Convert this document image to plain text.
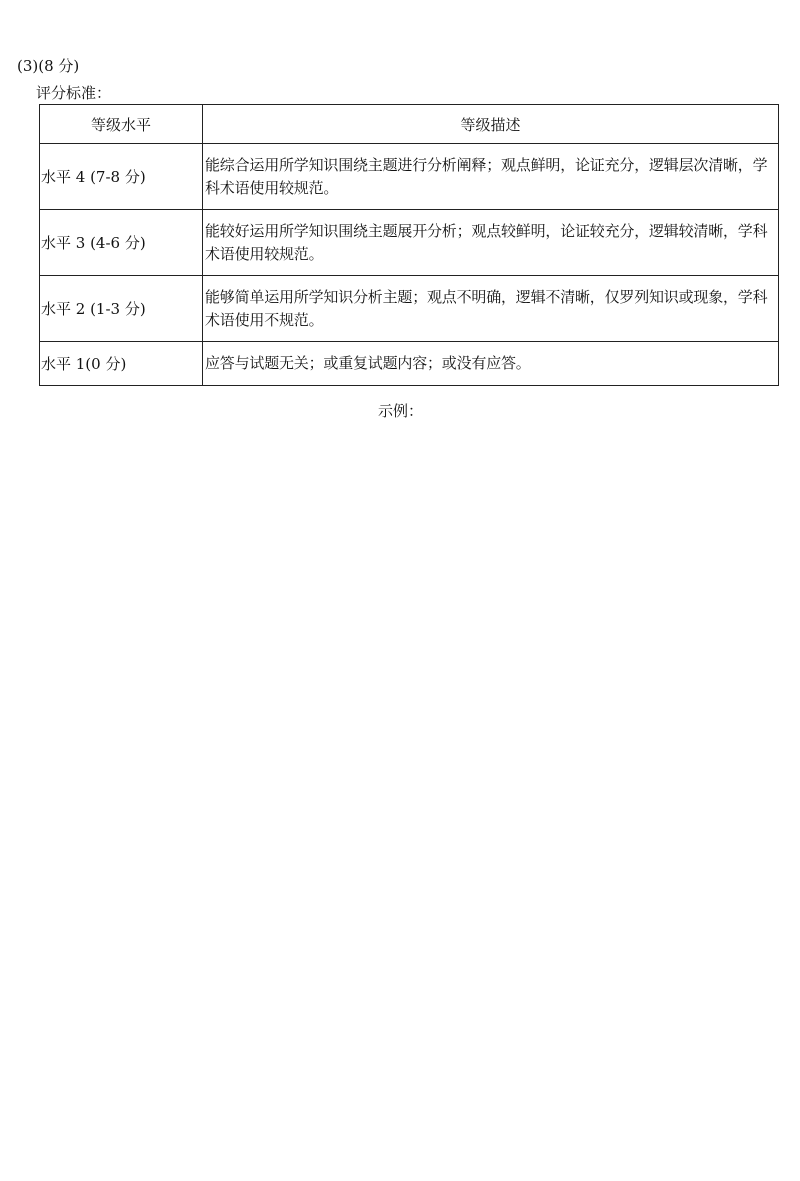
(3)(8 分)
评分标准：
等级水平	等级描述
水平 4 (7-8 分)	能综合运用所学知识围绕主题进行分析阐释；观点鲜明，论证充分，逻辑层次清晰，学科术语使用较规范。
水平 3 (4-6 分)	能较好运用所学知识围绕主题展开分析；观点较鲜明，论证较充分，逻辑较清晰，学科术语使用较规范。
水平 2 (1-3 分)	能够简单运用所学知识分析主题；观点不明确，逻辑不清晰，仅罗列知识或现象，学科术语使用不规范。
水平 1(0 分)	应答与试题无关；或重复试题内容；或没有应答。
示例：
